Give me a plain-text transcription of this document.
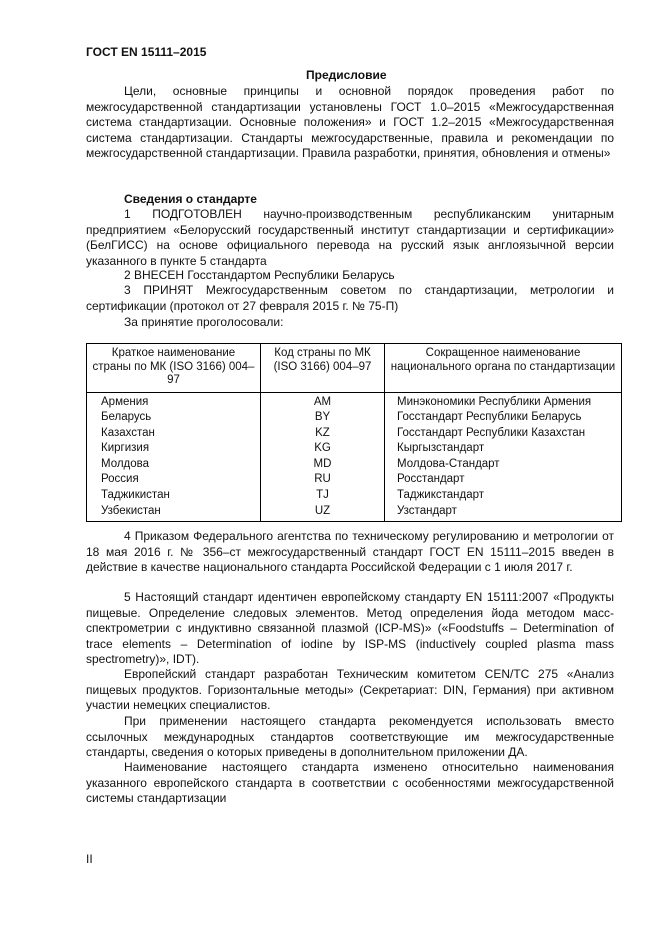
ГОСТ EN 15111–2015
Предисловие

Цели, основные принципы и основной порядок проведения работ по межгосударственной стандартизации установлены ГОСТ 1.0–2015 «Межгосударственная система стандартизации. Основные положения» и ГОСТ 1.2–2015 «Межгосударственная система стандартизации. Стандарты межгосударственные, правила и рекомендации по межгосударственной стандартизации. Правила разработки, принятия, обновления и отмены»

Сведения о стандарте

1 ПОДГОТОВЛЕН научно-производственным республиканским унитарным предприятием «Белорусский государственный институт стандартизации и сертификации» (БелГИСС) на основе официального перевода на русский язык англоязычной версии указанного в пункте 5 стандарта

2 ВНЕСЕН Госстандартом Республики Беларусь

3 ПРИНЯТ Межгосударственным советом по стандартизации, метрологии и сертификации (протокол от 27 февраля 2015 г. № 75-П)

За принятие проголосовали:
Краткое наименование страны по МК (ISO 3166) 004–97	Код страны по МК (ISO 3166) 004–97	Сокращенное наименование национального органа по стандартизации
Армения	AM	Минэкономики Республики Армения
Беларусь	BY	Госстандарт Республики Беларусь
Казахстан	KZ	Госстандарт Республики Казахстан
Киргизия	KG	Кыргызстандарт
Молдова	MD	Молдова-Стандарт
Россия	RU	Росстандарт
Таджикистан	TJ	Таджикстандарт
Узбекистан	UZ	Узстандарт

4 Приказом Федерального агентства по техническому регулированию и метрологии от 18 мая 2016 г. № 356–ст межгосударственный стандарт ГОСТ EN 15111–2015 введен в действие в качестве национального стандарта Российской Федерации с 1 июля 2017 г.

5 Настоящий стандарт идентичен европейскому стандарту EN 15111:2007 «Продукты пищевые. Определение следовых элементов. Метод определения йода методом масс-спектрометрии с индуктивно связанной плазмой (ICP-MS)» («Foodstuffs – Determination of trace elements – Determination of iodine by ISP-MS (inductively coupled plasma mass spectrometry)», IDT).

Европейский стандарт разработан Техническим комитетом CEN/TC 275 «Анализ пищевых продуктов. Горизонтальные методы» (Секретариат: DIN, Германия) при активном участии немецких специалистов.

При применении настоящего стандарта рекомендуется использовать вместо ссылочных международных стандартов соответствующие им межгосударственные стандарты, сведения о которых приведены в дополнительном приложении ДА.

Наименование настоящего стандарта изменено относительно наименования указанного европейского стандарта в соответствии с особенностями межгосударственной системы стандартизации

II
